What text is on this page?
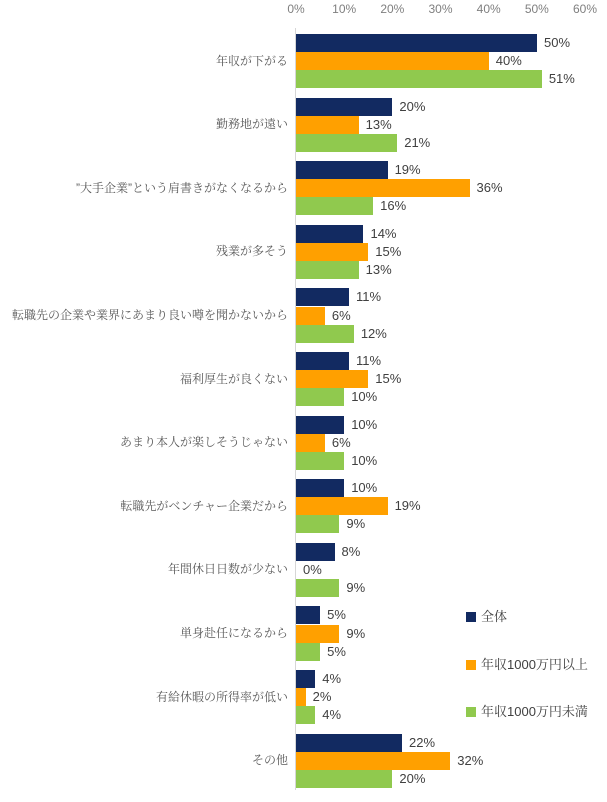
0% 10% 20% 30% 40% 50% 60%
年収が下がる
50%
40%
51%
勤務地が遠い
20%
13%
21%
”大手企業”という肩書きがなくなるから
19%
36%
16%
残業が多そう
14%
15%
13%
転職先の企業や業界にあまり良い噂を聞かないから
11%
6%
12%
福利厚生が良くない
11%
15%
10%
あまり本人が楽しそうじゃない
10%
6%
10%
転職先がベンチャー企業だから
10%
19%
9%
年間休日日数が少ない
8%
0%
9%
単身赴任になるから
5%
9%
5%
有給休暇の所得率が低い
4%
2%
4%
その他
22%
32%
20%
全体
年収1000万円以上
年収1000万円未満
